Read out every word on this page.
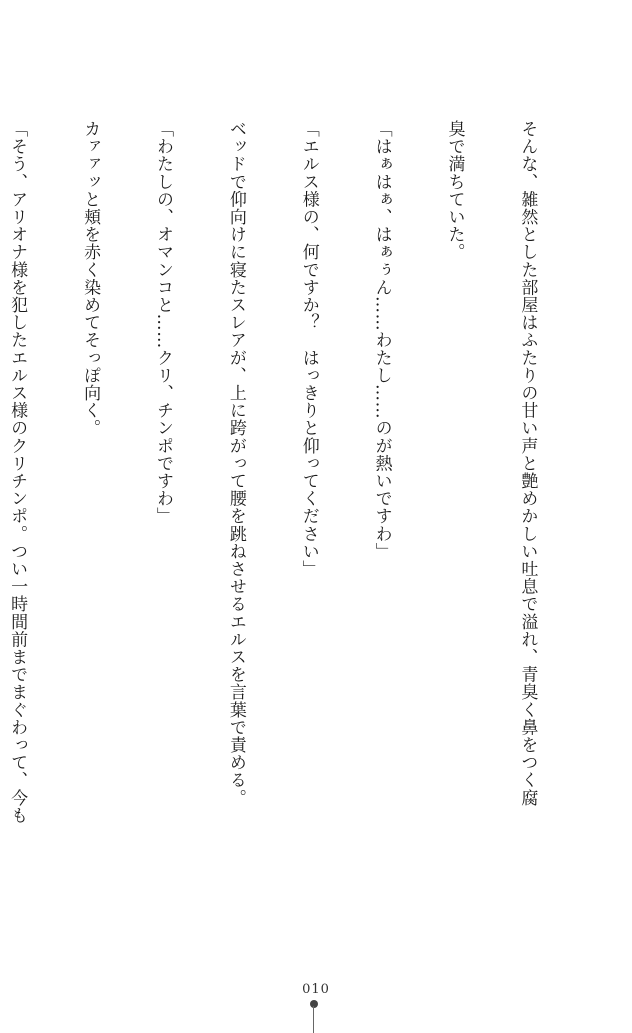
そんな、雑然とした部屋はふたりの甘い声と艶めかしい吐息で溢れ、青臭く鼻をつく腐

臭で満ちていた。

「はぁはぁ、はぁぅん……わたし……のが熱いですわ」

「エルス様の、何ですか？　はっきりと仰ってください」

ベッドで仰向けに寝たスレアが、上に跨がって腰を跳ねさせるエルスを言葉で責める。

「わたしの、オマンコと……クリ、チンポですわ」

カァァッと頬を赤く染めてそっぽ向く。

「そう、アリオナ様を犯したエルス様のクリチンポ。つい一時間前までまぐわって、今も

010
